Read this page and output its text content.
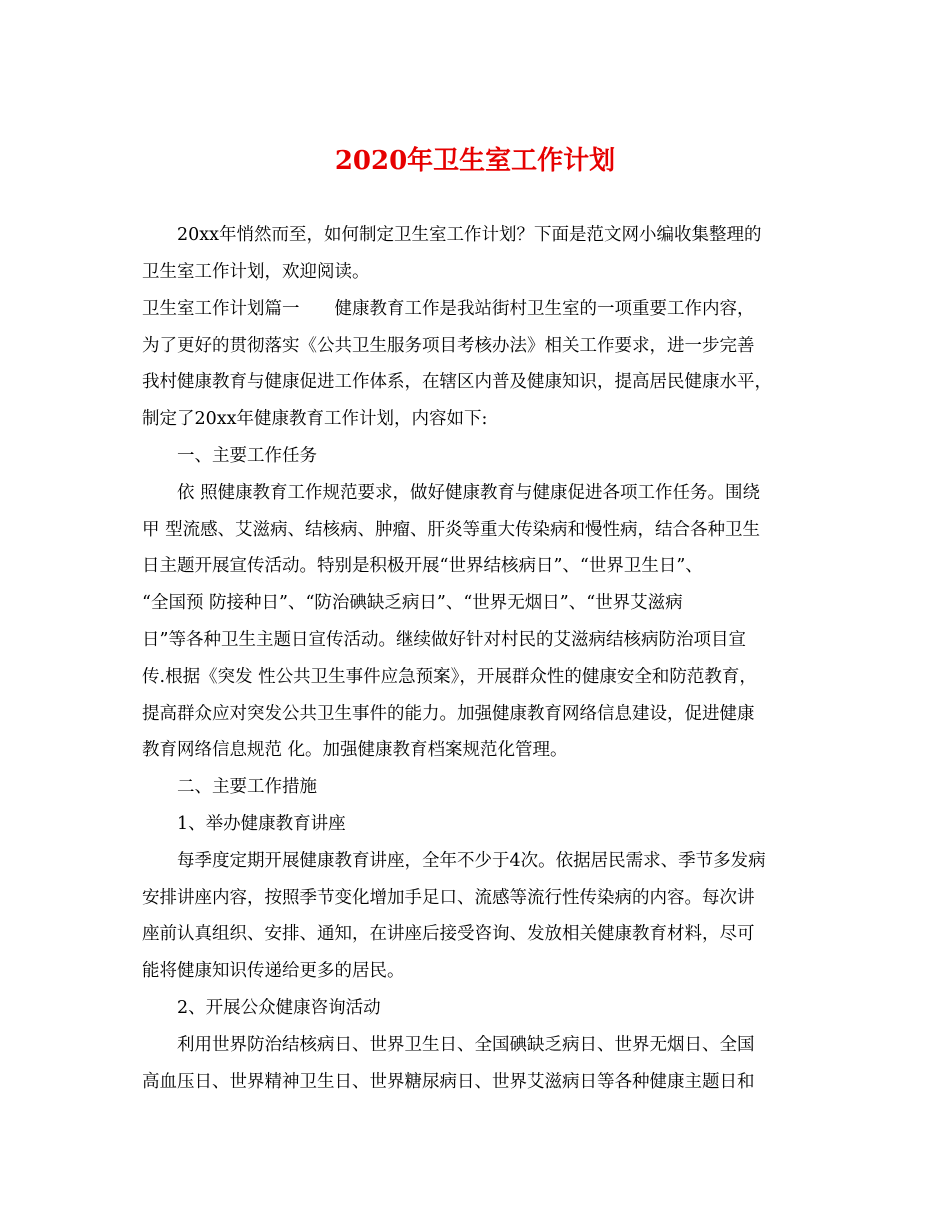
2020年卫生室工作计划
20xx年悄然而至，如何制定卫生室工作计划？下面是范文网小编收集整理的
卫生室工作计划，欢迎阅读。
卫生室工作计划篇一　　健康教育工作是我站街村卫生室的一项重要工作内容，
为了更好的贯彻落实《公共卫生服务项目考核办法》相关工作要求，进一步完善
我村健康教育与健康促进工作体系，在辖区内普及健康知识，提高居民健康水平，
制定了20xx年健康教育工作计划，内容如下:
一、主要工作任务
依 照健康教育工作规范要求，做好健康教育与健康促进各项工作任务。围绕
甲 型流感、艾滋病、结核病、肿瘤、肝炎等重大传染病和慢性病，结合各种卫生
日主题开展宣传活动。特别是积极开展“世界结核病日”、“世界卫生日”、
“全国预 防接种日”、“防治碘缺乏病日”、“世界无烟日”、“世界艾滋病
日”等各种卫生主题日宣传活动。继续做好针对村民的艾滋病结核病防治项目宣
传.根据《突发 性公共卫生事件应急预案》，开展群众性的健康安全和防范教育，
提高群众应对突发公共卫生事件的能力。加强健康教育网络信息建设，促进健康
教育网络信息规范 化。加强健康教育档案规范化管理。
二、主要工作措施
1、举办健康教育讲座
每季度定期开展健康教育讲座，全年不少于4次。依据居民需求、季节多发病
安排讲座内容，按照季节变化增加手足口、流感等流行性传染病的内容。每次讲
座前认真组织、安排、通知，在讲座后接受咨询、发放相关健康教育材料，尽可
能将健康知识传递给更多的居民。
2、开展公众健康咨询活动
利用世界防治结核病日、世界卫生日、全国碘缺乏病日、世界无烟日、全国
高血压日、世界精神卫生日、世界糖尿病日、世界艾滋病日等各种健康主题日和
